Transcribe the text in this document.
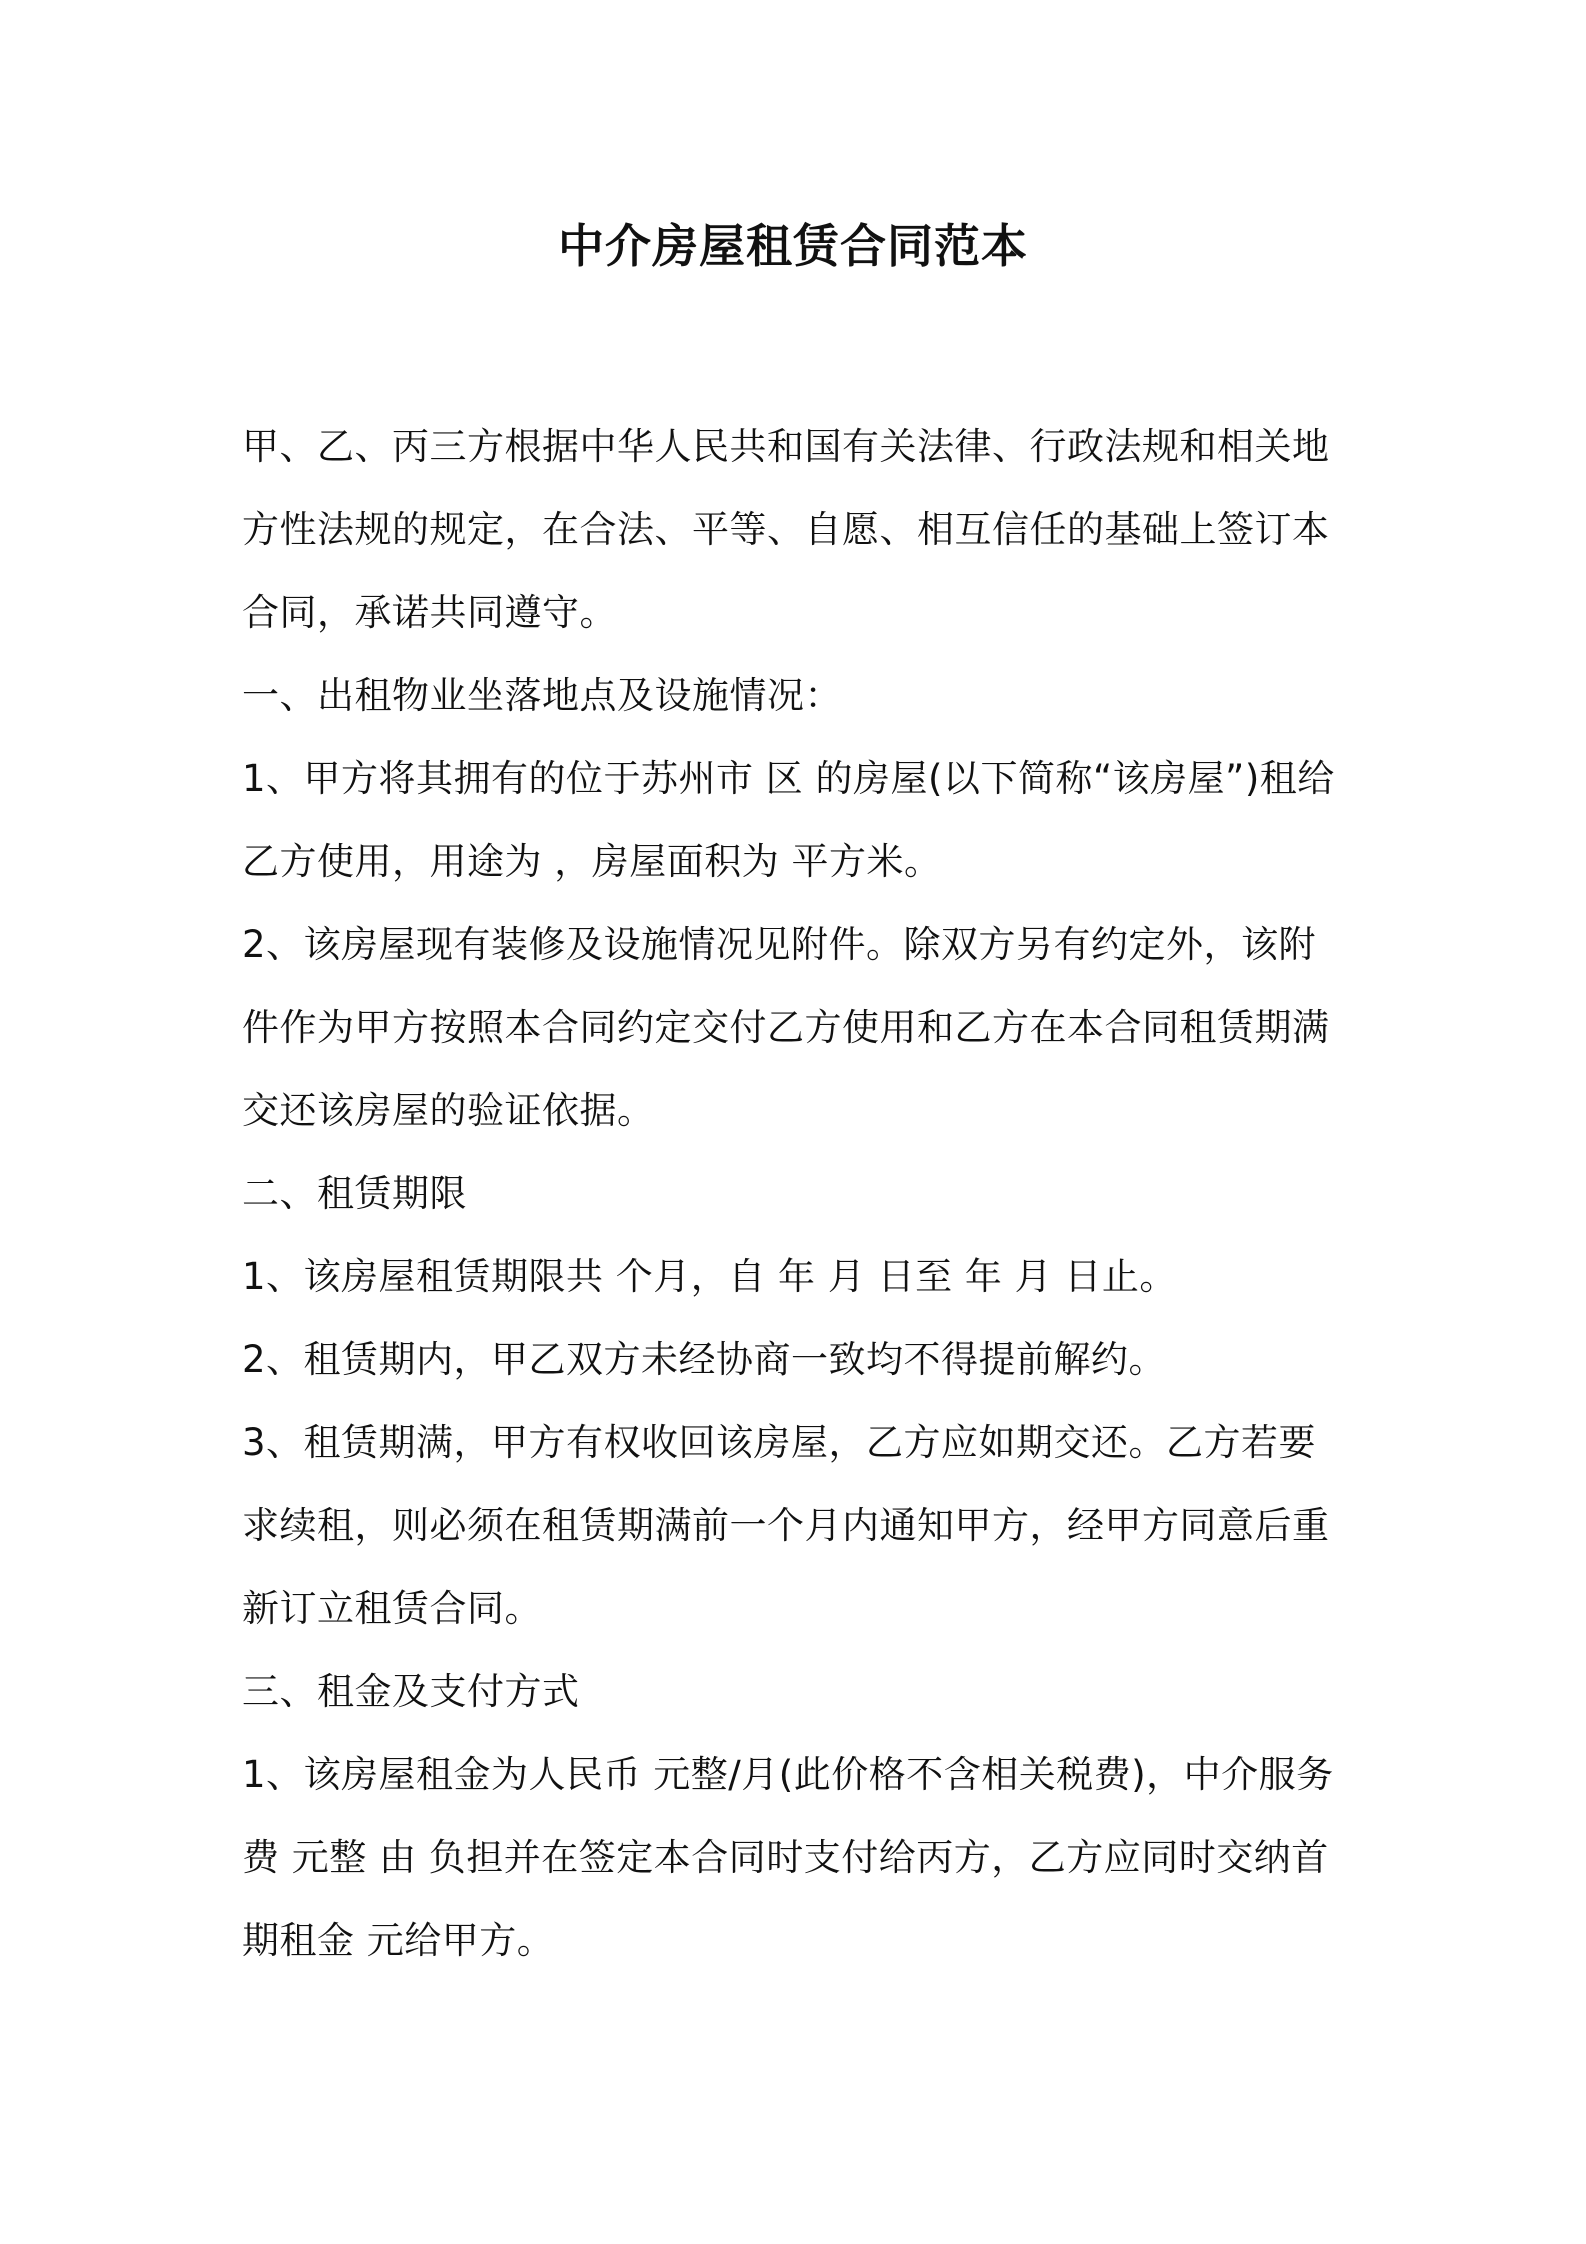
中介房屋租赁合同范本

甲、乙、丙三方根据中华人民共和国有关法律、行政法规和相关地方性法规的规定，在合法、平等、自愿、相互信任的基础上签订本合同，承诺共同遵守。

一、出租物业坐落地点及设施情况：

1、甲方将其拥有的位于苏州市 区 的房屋(以下简称“该房屋”)租给乙方使用，用途为 ，房屋面积为 平方米。

2、该房屋现有装修及设施情况见附件。除双方另有约定外，该附件作为甲方按照本合同约定交付乙方使用和乙方在本合同租赁期满交还该房屋的验证依据。

二、租赁期限

1、该房屋租赁期限共 个月，自 年 月 日至 年 月 日止。

2、租赁期内，甲乙双方未经协商一致均不得提前解约。

3、租赁期满，甲方有权收回该房屋，乙方应如期交还。乙方若要求续租，则必须在租赁期满前一个月内通知甲方，经甲方同意后重新订立租赁合同。

三、租金及支付方式

1、该房屋租金为人民币 元整/月(此价格不含相关税费)，中介服务费 元整 由 负担并在签定本合同时支付给丙方，乙方应同时交纳首期租金 元给甲方。
